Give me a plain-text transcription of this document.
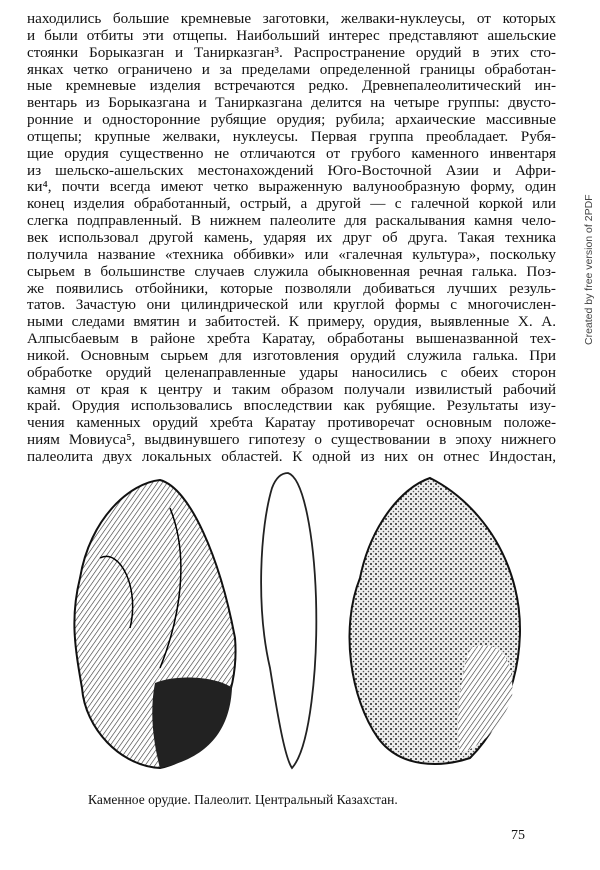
находились большие кремневые заготовки, желваки-нуклеусы, от которых
и были отбиты эти отщепы. Наибольший интерес представляют ашельские
стоянки Борыказган и Танирказган³. Распространение орудий в этих сто-
янках четко ограничено и за пределами определенной границы обработан-
ные кремневые изделия встречаются редко. Древнепалеолитический ин-
вентарь из Борыказгана и Танирказгана делится на четыре группы: двусто-
ронние и односторонние рубящие орудия; рубила; архаические массивные
отщепы; крупные желваки, нуклеусы. Первая группа преобладает. Рубя-
щие орудия существенно не отличаются от грубого каменного инвентаря
из шельско-ашельских местонахождений Юго-Восточной Азии и Афри-
ки⁴, почти всегда имеют четко выраженную валунообразную форму, один
конец изделия обработанный, острый, а другой — с галечной коркой или
слегка подправленный. В нижнем палеолите для раскалывания камня чело-
век использовал другой камень, ударяя их друг об друга. Такая техника
получила название «техника оббивки» или «галечная культура», поскольку
сырьем в большинстве случаев служила обыкновенная речная галька. Поз-
же появились отбойники, которые позволяли добиваться лучших резуль-
татов. Зачастую они цилиндрической или круглой формы с многочислен-
ными следами вмятин и забитостей. К примеру, орудия, выявленные Х. А.
Алпысбаевым в районе хребта Каратау, обработаны вышеназванной тех-
никой. Основным сырьем для изготовления орудий служила галька. При
обработке орудий целенаправленные удары наносились с обеих сторон
камня от края к центру и таким образом получали извилистый рабочий
край. Орудия использовались впоследствии как рубящие. Результаты изу-
чения каменных орудий хребта Каратау противоречат основным положе-
ниям Мовиуса⁵, выдвинувшего гипотезу о существовании в эпоху нижнего
палеолита двух локальных областей. К одной из них он отнес Индостан,
Каменное орудие. Палеолит. Центральный Казахстан.
75
Created by free version of 2PDF
